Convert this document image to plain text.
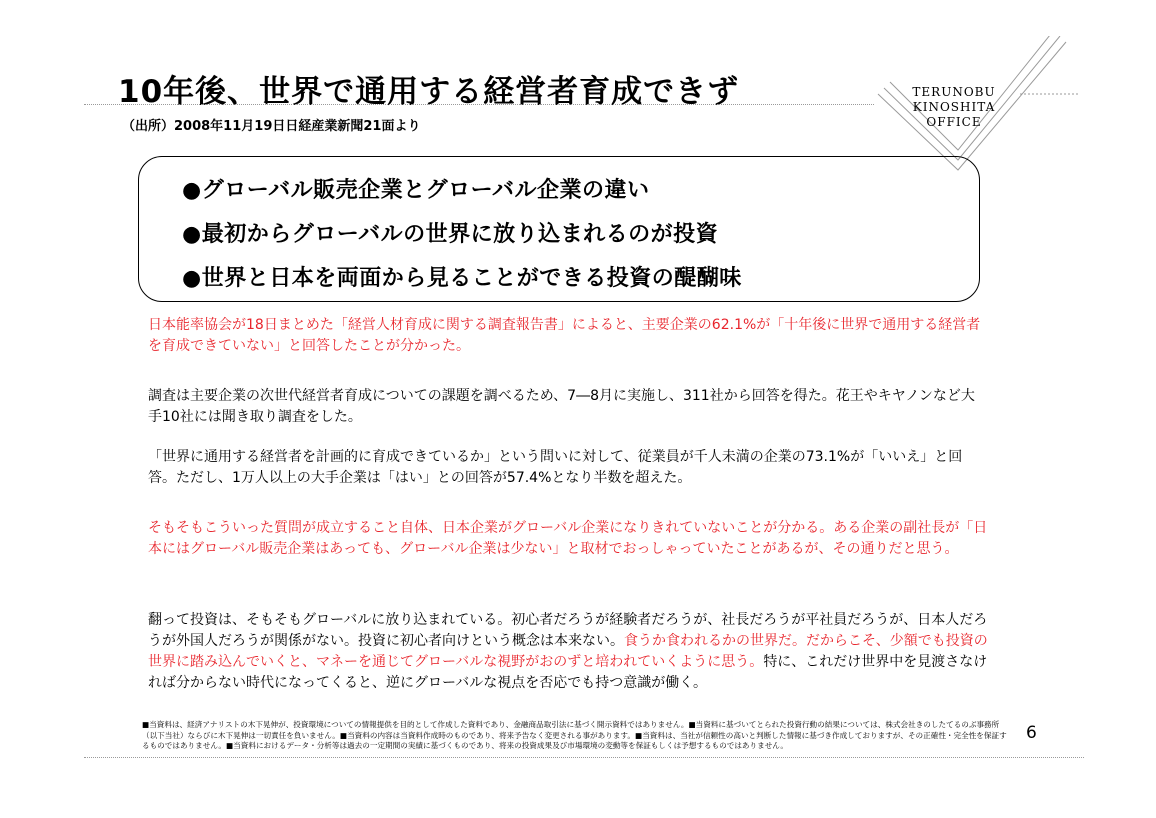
10年後、世界で通用する経営者育成できず
（出所）2008年11月19日日経産業新聞21面より
TERUNOBU
KINOSHITA
OFFICE
●グローバル販売企業とグローバル企業の違い
●最初からグローバルの世界に放り込まれるのが投資
●世界と日本を両面から見ることができる投資の醍醐味

日本能率協会が18日まとめた「経営人材育成に関する調査報告書」によると、主要企業の62.1%が「十年後に世界で通用する経営者を育成できていない」と回答したことが分かった。

調査は主要企業の次世代経営者育成についての課題を調べるため、7―8月に実施し、311社から回答を得た。花王やキヤノンなど大手10社には聞き取り調査をした。

「世界に通用する経営者を計画的に育成できているか」という問いに対して、従業員が千人未満の企業の73.1%が「いいえ」と回答。ただし、1万人以上の大手企業は「はい」との回答が57.4%となり半数を超えた。

そもそもこういった質問が成立すること自体、日本企業がグローバル企業になりきれていないことが分かる。ある企業の副社長が「日本にはグローバル販売企業はあっても、グローバル企業は少ない」と取材でおっしゃっていたことがあるが、その通りだと思う。

翻って投資は、そもそもグローバルに放り込まれている。初心者だろうが経験者だろうが、社長だろうが平社員だろうが、日本人だろうが外国人だろうが関係がない。投資に初心者向けという概念は本来ない。食うか食われるかの世界だ。だからこそ、少額でも投資の世界に踏み込んでいくと、マネーを通じてグローバルな視野がおのずと培われていくように思う。特に、これだけ世界中を見渡さなければ分からない時代になってくると、逆にグローバルな視点を否応でも持つ意識が働く。

■当資料は、経済アナリストの木下晃伸が、投資環境についての情報提供を目的として作成した資料であり、金融商品取引法に基づく開示資料ではありません。■当資料に基づいてとられた投資行動の結果については、株式会社きのしたてるのぶ事務所（以下当社）ならびに木下晃伸は一切責任を負いません。■当資料の内容は当資料作成時のものであり、将来予告なく変更される事があります。■当資料は、当社が信頼性の高いと判断した情報に基づき作成しておりますが、その正確性・完全性を保証するものではありません。■当資料におけるデータ・分析等は過去の一定期間の実績に基づくものであり、将来の投資成果及び市場環境の変動等を保証もしくは予想するものではありません。
6
